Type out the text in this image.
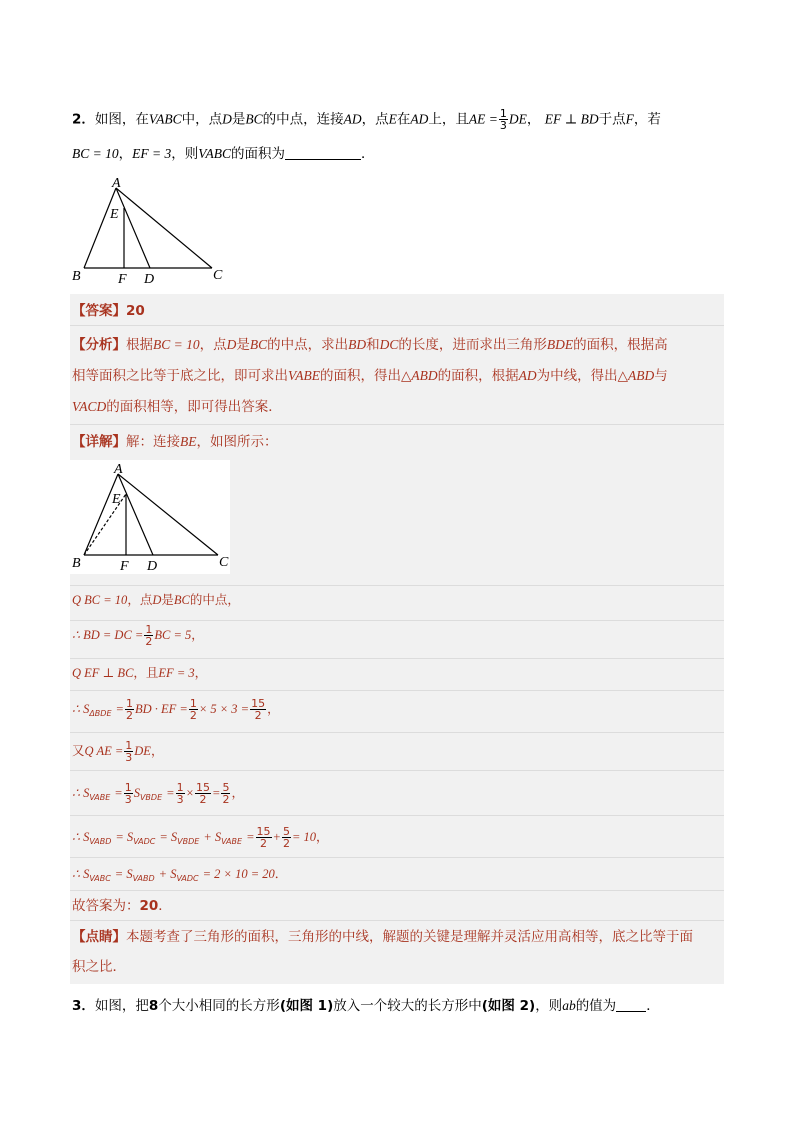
2．如图，在VABC中，点D是BC的中点，连接AD，点E在AD上，且AE = $\frac{1}{3}$ DE， EF ⊥ BD于点F，若
BC = 10，EF = 3，则VABC的面积为	．
A
E
B	F D	C
【答案】20
【分析】根据BC = 10，点D是BC的中点，求出BD和DC的长度，进而求出三角形BDE的面积，根据高
相等面积之比等于底之比，即可求出VABE的面积，得出△ABD的面积，根据AD为中线，得出△ABD与
VACD的面积相等，即可得出答案．
【详解】解：连接BE，如图所示：
A
E
B	F D	C
Q BC = 10，点D是BC的中点，
∴ BD = DC = $\frac{1}{2}$ BC = 5，
Q EF ⊥ BC，且EF = 3，
∴ $S_{\Delta BDE} = \frac{1}{2}$ BD · EF = $\frac{1}{2} \times 5 \times 3 = \frac{15}{2}$ ，
又Q AE = $\frac{1}{3}$ DE，
∴ $S_{VABE} = \frac{1}{3} S_{VBDE} = \frac{1}{3} \times \frac{15}{2} = \frac{5}{2}$ ，
∴ $S_{VABD} = S_{VADC} = S_{VBDE} + S_{VABE} = \frac{15}{2} + \frac{5}{2} = 10$，
∴ $S_{VABC} = S_{VABD} + S_{VADC} = 2 \times 10 = 20$．
故答案为：20．
【点睛】本题考查了三角形的面积，三角形的中线，解题的关键是理解并灵活应用高相等，底之比等于面
积之比．
3．如图，把8个大小相同的长方形(如图 1)放入一个较大的长方形中(如图 2)，则ab的值为 ．
